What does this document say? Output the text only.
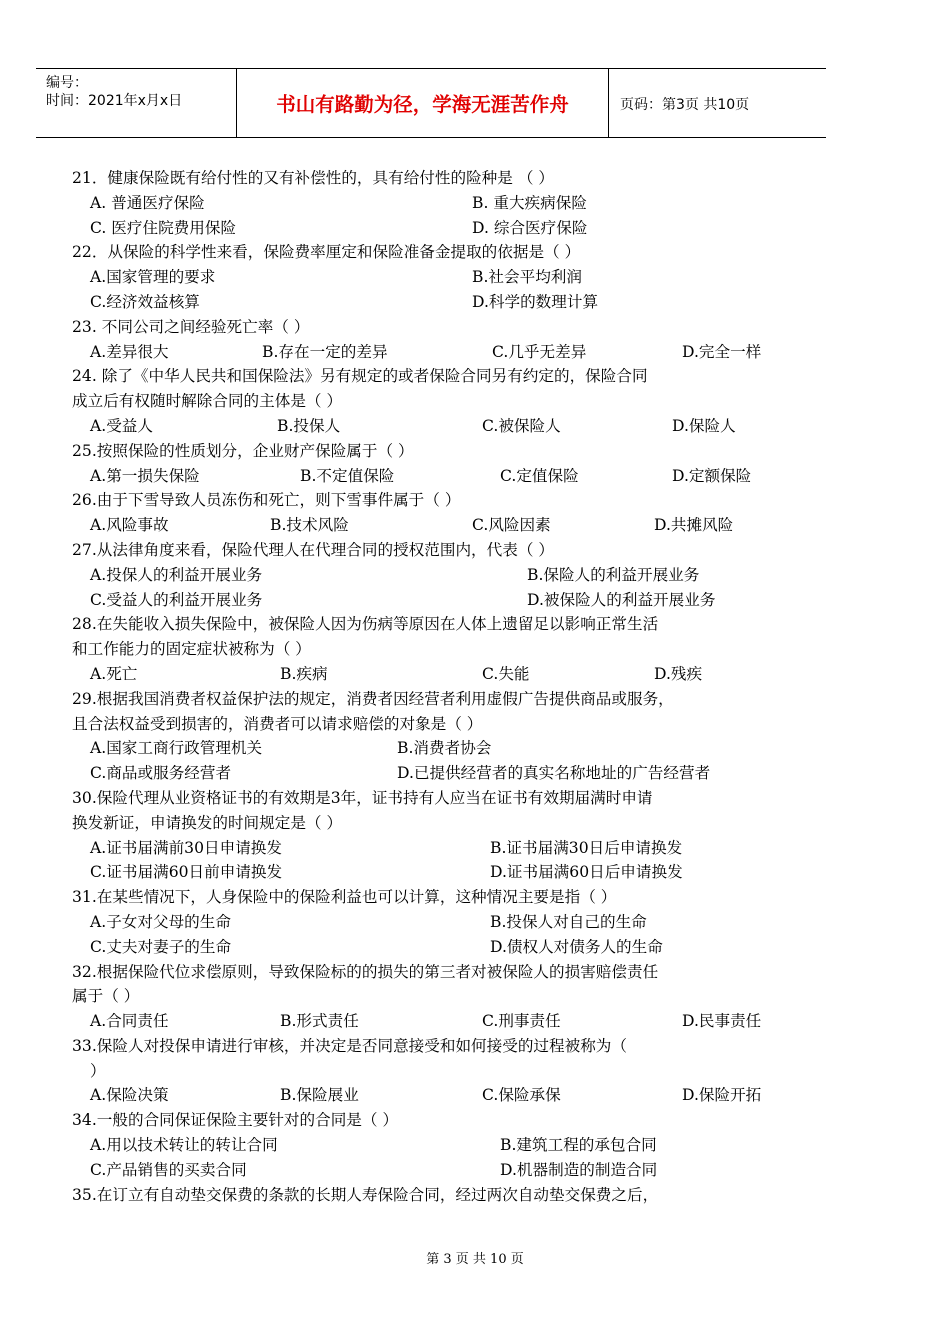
编号：
时间：2021年x月x日	书山有路勤为径，学海无涯苦作舟	页码：第3页 共10页
21．健康保险既有给付性的又有补偿性的，具有给付性的险种是 （ ）
A. 普通医疗保险	B. 重大疾病保险
C. 医疗住院费用保险	D. 综合医疗保险
22．从保险的科学性来看，保险费率厘定和保险准备金提取的依据是（ ）
A.国家管理的要求	B.社会平均利润
C.经济效益核算	D.科学的数理计算
23. 不同公司之间经验死亡率（ ）
A.差异很大	B.存在一定的差异	C.几乎无差异	D.完全一样
24. 除了《中华人民共和国保险法》另有规定的或者保险合同另有约定的，保险合同
成立后有权随时解除合同的主体是（ ）
A.受益人	B.投保人	C.被保险人	D.保险人
25.按照保险的性质划分，企业财产保险属于（ ）
A.第一损失保险	B.不定值保险	C.定值保险	D.定额保险
26.由于下雪导致人员冻伤和死亡，则下雪事件属于（ ）
A.风险事故	B.技术风险	C.风险因素	D.共摊风险
27.从法律角度来看，保险代理人在代理合同的授权范围内，代表（ ）
A.投保人的利益开展业务	B.保险人的利益开展业务
C.受益人的利益开展业务	D.被保险人的利益开展业务
28.在失能收入损失保险中，被保险人因为伤病等原因在人体上遗留足以影响正常生活
和工作能力的固定症状被称为（ ）
A.死亡	B.疾病	C.失能	D.残疾
29.根据我国消费者权益保护法的规定，消费者因经营者利用虚假广告提供商品或服务，
且合法权益受到损害的，消费者可以请求赔偿的对象是（ ）
A.国家工商行政管理机关	B.消费者协会
C.商品或服务经营者	D.已提供经营者的真实名称地址的广告经营者
30.保险代理从业资格证书的有效期是3年，证书持有人应当在证书有效期届满时申请
换发新证，申请换发的时间规定是（ ）
A.证书届满前30日申请换发	B.证书届满30日后申请换发
C.证书届满60日前申请换发	D.证书届满60日后申请换发
31.在某些情况下，人身保险中的保险利益也可以计算，这种情况主要是指（ ）
A.子女对父母的生命	B.投保人对自己的生命
C.丈夫对妻子的生命	D.债权人对债务人的生命
32.根据保险代位求偿原则，导致保险标的的损失的第三者对被保险人的损害赔偿责任
属于（ ）
A.合同责任	B.形式责任	C.刑事责任	D.民事责任
33.保险人对投保申请进行审核，并决定是否同意接受和如何接受的过程被称为（
）
A.保险决策	B.保险展业	C.保险承保	D.保险开拓
34.一般的合同保证保险主要针对的合同是（ ）
A.用以技术转让的转让合同	B.建筑工程的承包合同
C.产品销售的买卖合同	D.机器制造的制造合同
35.在订立有自动垫交保费的条款的长期人寿保险合同，经过两次自动垫交保费之后，
第 3 页 共 10 页
